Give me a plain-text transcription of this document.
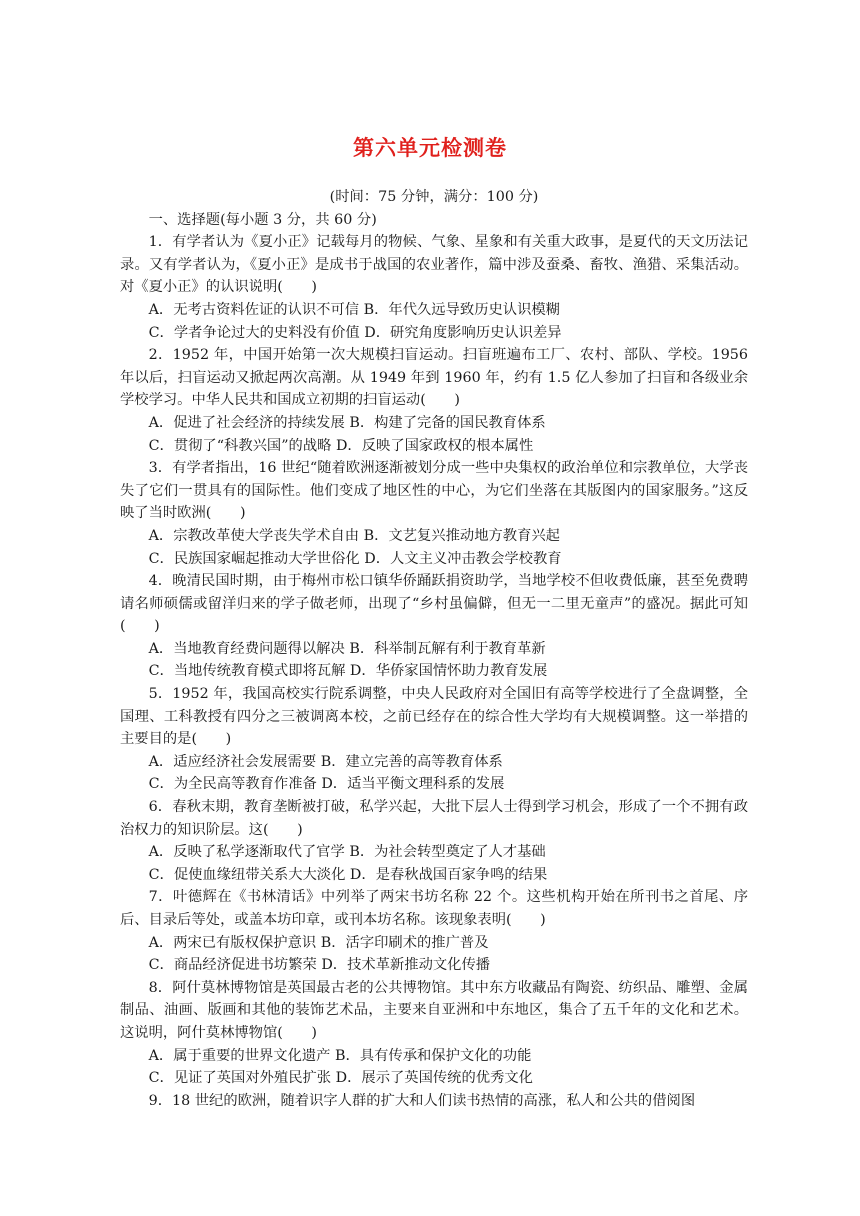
第六单元检测卷
(时间：75 分钟，满分：100 分)
一、选择题(每小题 3 分，共 60 分)

1．有学者认为《夏小正》记载每月的物候、气象、星象和有关重大政事，是夏代的天文历法记录。又有学者认为，《夏小正》是成书于战国的农业著作，篇中涉及蚕桑、畜牧、渔猎、采集活动。对《夏小正》的认识说明(　　)

A．无考古资料佐证的认识不可信 B．年代久远导致历史认识模糊
C．学者争论过大的史料没有价值 D．研究角度影响历史认识差异

2．1952 年，中国开始第一次大规模扫盲运动。扫盲班遍布工厂、农村、部队、学校。1956 年以后，扫盲运动又掀起两次高潮。从 1949 年到 1960 年，约有 1.5 亿人参加了扫盲和各级业余学校学习。中华人民共和国成立初期的扫盲运动(　　)

A．促进了社会经济的持续发展 B．构建了完备的国民教育体系
C．贯彻了“科教兴国”的战略 D．反映了国家政权的根本属性

3．有学者指出，16 世纪“随着欧洲逐渐被划分成一些中央集权的政治单位和宗教单位，大学丧失了它们一贯具有的国际性。他们变成了地区性的中心，为它们坐落在其版图内的国家服务。”这反映了当时欧洲(　　)

A．宗教改革使大学丧失学术自由 B．文艺复兴推动地方教育兴起
C．民族国家崛起推动大学世俗化 D．人文主义冲击教会学校教育

4．晚清民国时期，由于梅州市松口镇华侨踊跃捐资助学，当地学校不但收费低廉，甚至免费聘请名师硕儒或留洋归来的学子做老师，出现了“乡村虽偏僻，但无一二里无童声”的盛况。据此可知(　　)

A．当地教育经费问题得以解决 B．科举制瓦解有利于教育革新
C．当地传统教育模式即将瓦解 D．华侨家国情怀助力教育发展

5．1952 年，我国高校实行院系调整，中央人民政府对全国旧有高等学校进行了全盘调整，全国理、工科教授有四分之三被调离本校，之前已经存在的综合性大学均有大规模调整。这一举措的主要目的是(　　)

A．适应经济社会发展需要 B．建立完善的高等教育体系
C．为全民高等教育作准备 D．适当平衡文理科系的发展

6．春秋末期，教育垄断被打破，私学兴起，大批下层人士得到学习机会，形成了一个不拥有政治权力的知识阶层。这(　　)

A．反映了私学逐渐取代了官学 B．为社会转型奠定了人才基础
C．促使血缘纽带关系大大淡化 D．是春秋战国百家争鸣的结果

7．叶德辉在《书林清话》中列举了两宋书坊名称 22 个。这些机构开始在所刊书之首尾、序后、目录后等处，或盖本坊印章，或刊本坊名称。该现象表明(　　)

A．两宋已有版权保护意识 B．活字印刷术的推广普及
C．商品经济促进书坊繁荣 D．技术革新推动文化传播

8．阿什莫林博物馆是英国最古老的公共博物馆。其中东方收藏品有陶瓷、纺织品、雕塑、金属制品、油画、版画和其他的装饰艺术品，主要来自亚洲和中东地区，集合了五千年的文化和艺术。这说明，阿什莫林博物馆(　　)

A．属于重要的世界文化遗产 B．具有传承和保护文化的功能
C．见证了英国对外殖民扩张 D．展示了英国传统的优秀文化

9．18 世纪的欧洲，随着识字人群的扩大和人们读书热情的高涨，私人和公共的借阅图
